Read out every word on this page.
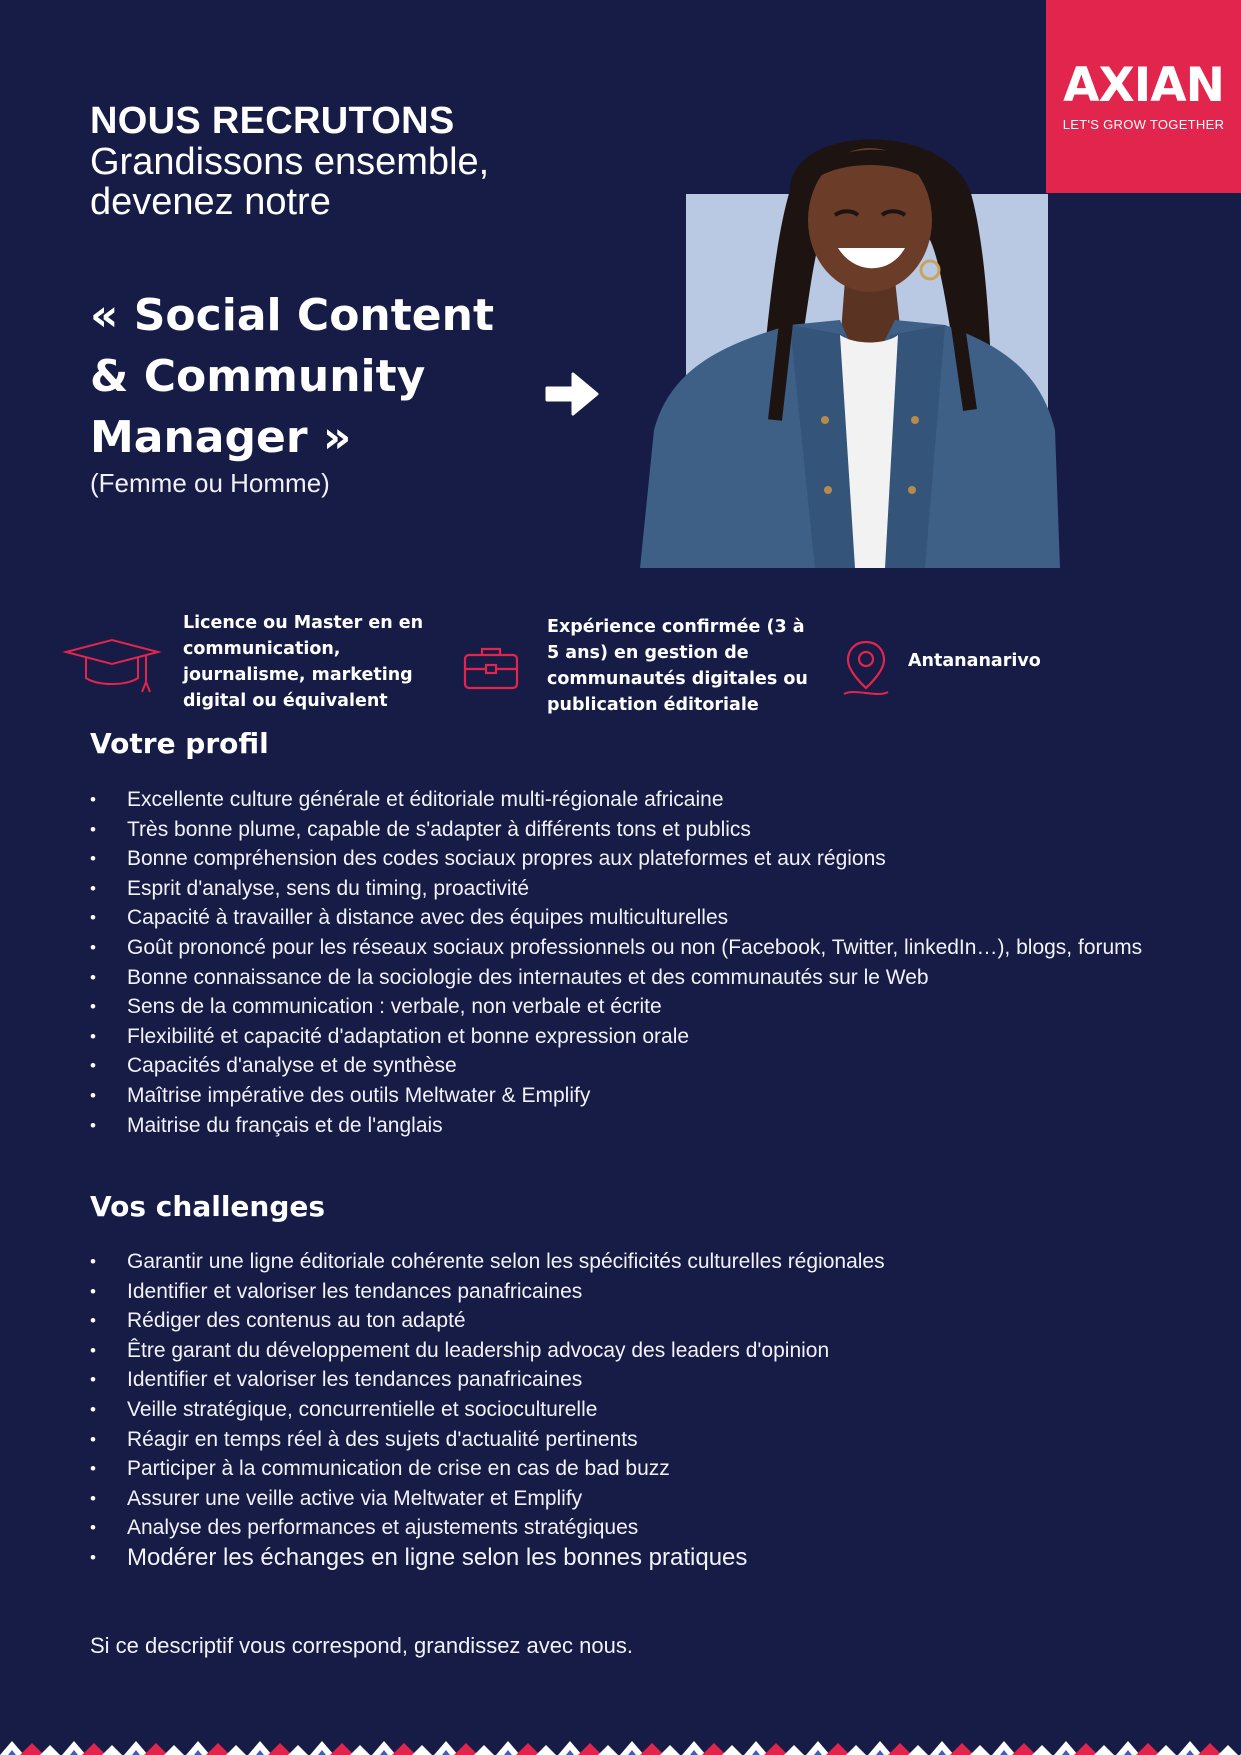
AXIAN
LET'S GROW TOGETHER
NOUS RECRUTONS
Grandissons ensemble, devenez notre
« Social Content & Community Manager »
(Femme ou Homme)
Licence ou Master en en communication, journalisme, marketing digital ou équivalent
Expérience confirmée (3 à 5 ans) en gestion de communautés digitales ou publication éditoriale
Antananarivo
Votre profil
• Excellente culture générale et éditoriale multi-régionale africaine
• Très bonne plume, capable de s'adapter à différents tons et publics
• Bonne compréhension des codes sociaux propres aux plateformes et aux régions
• Esprit d'analyse, sens du timing, proactivité
• Capacité à travailler à distance avec des équipes multiculturelles
• Goût prononcé pour les réseaux sociaux professionnels ou non (Facebook, Twitter, linkedIn…), blogs, forums
• Bonne connaissance de la sociologie des internautes et des communautés sur le Web
• Sens de la communication : verbale, non verbale et écrite
• Flexibilité et capacité d'adaptation et bonne expression orale
• Capacités d'analyse et de synthèse
• Maîtrise impérative des outils Meltwater & Emplify
• Maitrise du français et de l'anglais
Vos challenges
• Garantir une ligne éditoriale cohérente selon les spécificités culturelles régionales
• Identifier et valoriser les tendances panafricaines
• Rédiger des contenus au ton adapté
• Être garant du développement du leadership advocay des leaders d'opinion
• Identifier et valoriser les tendances panafricaines
• Veille stratégique, concurrentielle et socioculturelle
• Réagir en temps réel à des sujets d'actualité pertinents
• Participer à la communication de crise en cas de bad buzz
• Assurer une veille active via Meltwater et Emplify
• Analyse des performances et ajustements stratégiques
• Modérer les échanges en ligne selon les bonnes pratiques
Si ce descriptif vous correspond, grandissez avec nous.
